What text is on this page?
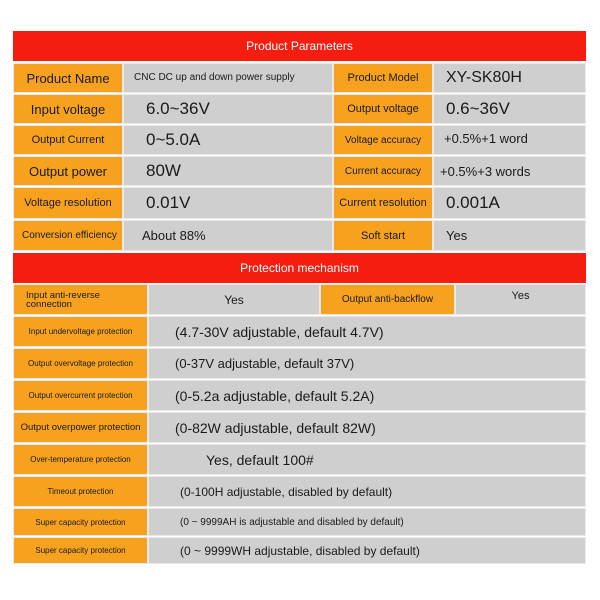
Product Parameters
Product Name	CNC DC up and down power supply	Product Model	XY-SK80H
Input voltage	6.0~36V	Output voltage	0.6~36V
Output Current	0~5.0A	Voltage accuracy	+0.5%+1 word
Output power	80W	Current accuracy	+0.5%+3 words
Voltage resolution	0.01V	Current resolution	0.001A
Conversion efficiency	About 88%	Soft start	Yes
Protection mechanism
Input anti-reverse connection	Yes	Output anti-backflow	Yes
Input undervoltage protection	(4.7-30V adjustable, default 4.7V)
Output overvoltage protection	(0-37V adjustable, default 37V)
Output overcurrent protection	(0-5.2a adjustable, default 5.2A)
Output overpower protection	(0-82W adjustable, default 82W)
Over-temperature protection	Yes, default 100#
Timeout protection	(0-100H adjustable, disabled by default)
Super capacity protection	(0 ~ 9999AH is adjustable and disabled by default)
Super capacity protection	(0 ~ 9999WH adjustable, disabled by default)
